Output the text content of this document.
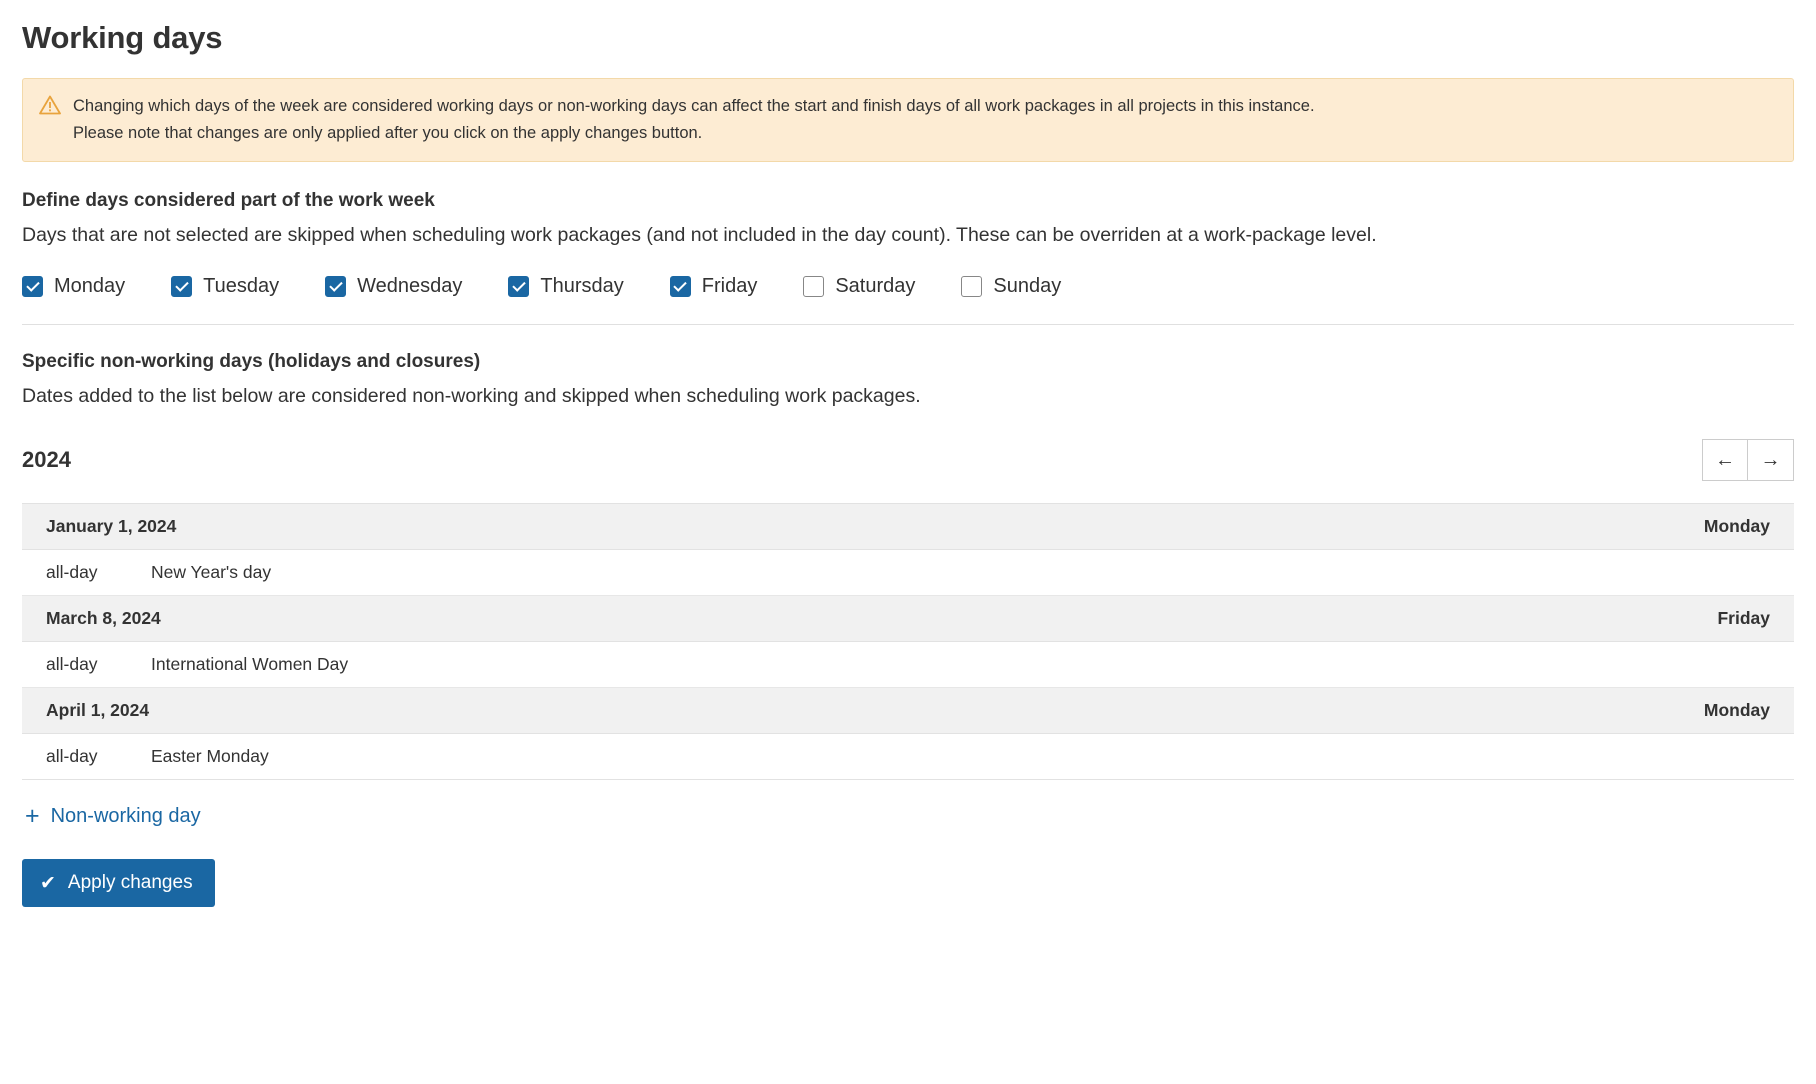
Working days
Changing which days of the week are considered working days or non-working days can affect the start and finish days of all work packages in all projects in this instance.
Please note that changes are only applied after you click on the apply changes button.
Define days considered part of the work week

Days that are not selected are skipped when scheduling work packages (and not included in the day count). These can be overriden at a work-package level.

Monday	Tuesday	Wednesday	Thursday	Friday	Saturday	Sunday
Specific non-working days (holidays and closures)

Dates added to the list below are considered non-working and skipped when scheduling work packages.

2024	←	→
January 1, 2024	Monday
all-day	New Year's day
March 8, 2024	Friday
all-day	International Women Day
April 1, 2024	Monday
all-day	Easter Monday
+ Non-working day
✔ Apply changes
